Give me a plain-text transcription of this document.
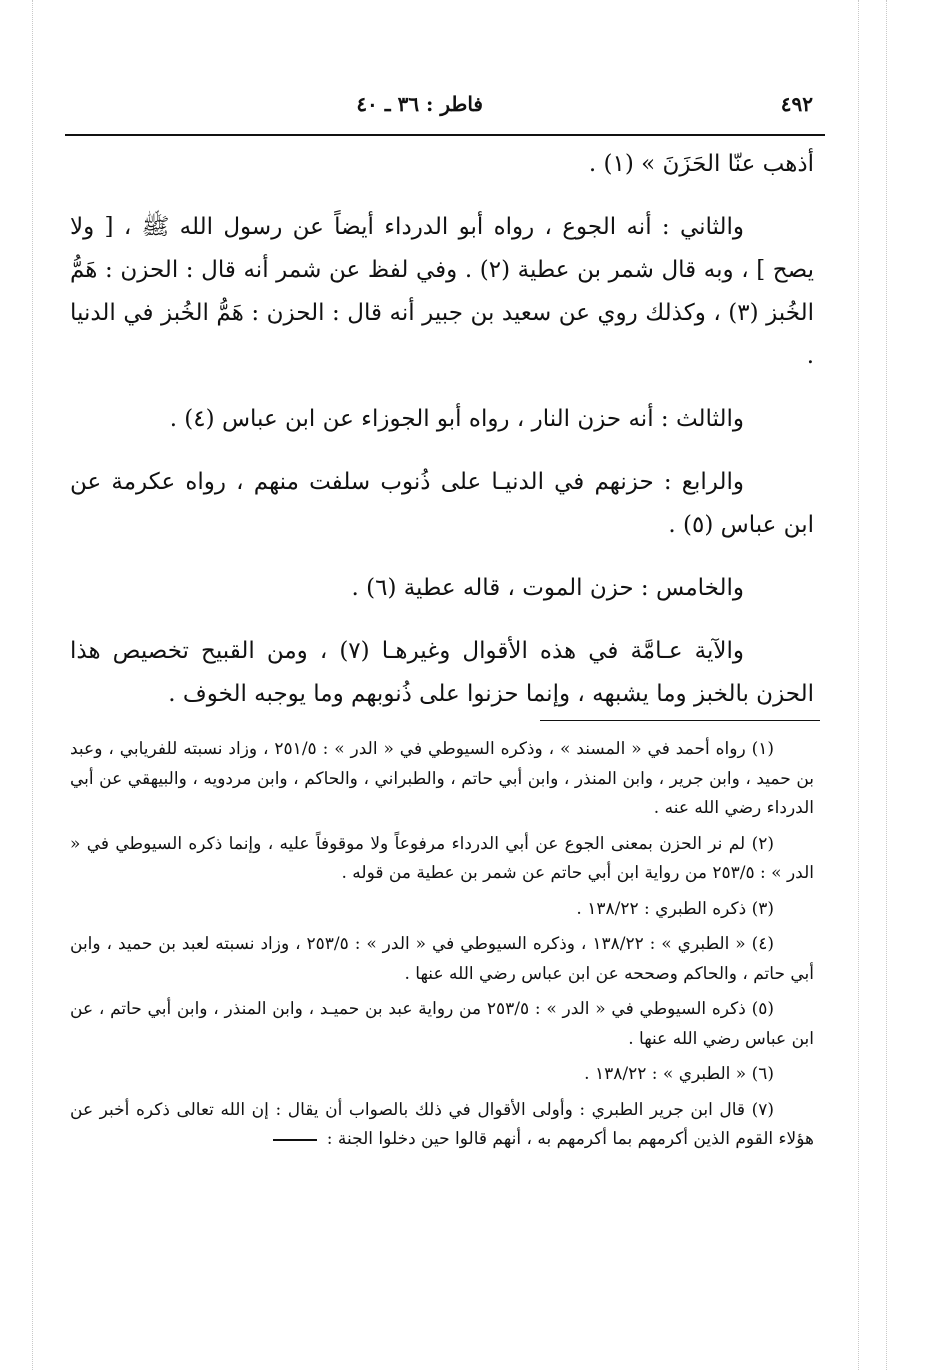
٤٩٢
فاطر : ٣٦ ـ ٤٠

أذهب عنّا الحَزَنَ » (١) .

والثاني : أنه الجوع ، رواه أبو الدرداء أيضاً عن رسول الله ﷺ ، [ ولا يصح ] ، وبه قال شمر بن عطية (٢) . وفي لفظ عن شمر أنه قال : الحزن : هَمُّ الخُبز (٣) ، وكذلك روي عن سعيد بن جبير أنه قال : الحزن : هَمُّ الخُبز في الدنيا .

والثالث : أنه حزن النار ، رواه أبو الجوزاء عن ابن عباس (٤) .

والرابع : حزنهم في الدنيـا على ذُنوب سلفت منهم ، رواه عكرمة عن ابن عباس (٥) .

والخامس : حزن الموت ، قاله عطية (٦) .

والآية عـامَّة في هذه الأقوال وغيرهـا (٧) ، ومن القبيح تخصيص هذا الحزن بالخبز وما يشبهه ، وإنما حزنوا على ذُنوبهم وما يوجبه الخوف .

(١) رواه أحمد في « المسند » ، وذكره السيوطي في « الدر » : ٢٥١/٥ ، وزاد نسبته للفريابي ، وعبد بن حميد ، وابن جرير ، وابن المنذر ، وابن أبي حاتم ، والطبراني ، والحاكم ، وابن مردويه ، والبيهقي عن أبي الدرداء رضي الله عنه .

(٢) لم نر الحزن بمعنى الجوع عن أبي الدرداء مرفوعاً ولا موقوفاً عليه ، وإنما ذكره السيوطي في « الدر » : ٢٥٣/٥ من رواية ابن أبي حاتم عن شمر بن عطية من قوله .

(٣) ذكره الطبري : ١٣٨/٢٢ .

(٤) « الطبري » : ١٣٨/٢٢ ، وذكره السيوطي في « الدر » : ٢٥٣/٥ ، وزاد نسبته لعبد بن حميد ، وابن أبي حاتم ، والحاكم وصححه عن ابن عباس رضي الله عنها .

(٥) ذكره السيوطي في « الدر » : ٢٥٣/٥ من رواية عبد بن حميـد ، وابن المنذر ، وابن أبي حاتم ، عن ابن عباس رضي الله عنها .

(٦) « الطبري » : ١٣٨/٢٢ .

(٧) قال ابن جرير الطبري : وأولى الأقوال في ذلك بالصواب أن يقال : إن الله تعالى ذكره أخبر عن هؤلاء القوم الذين أكرمهم بما أكرمهم به ، أنهم قالوا حين دخلوا الجنة :
